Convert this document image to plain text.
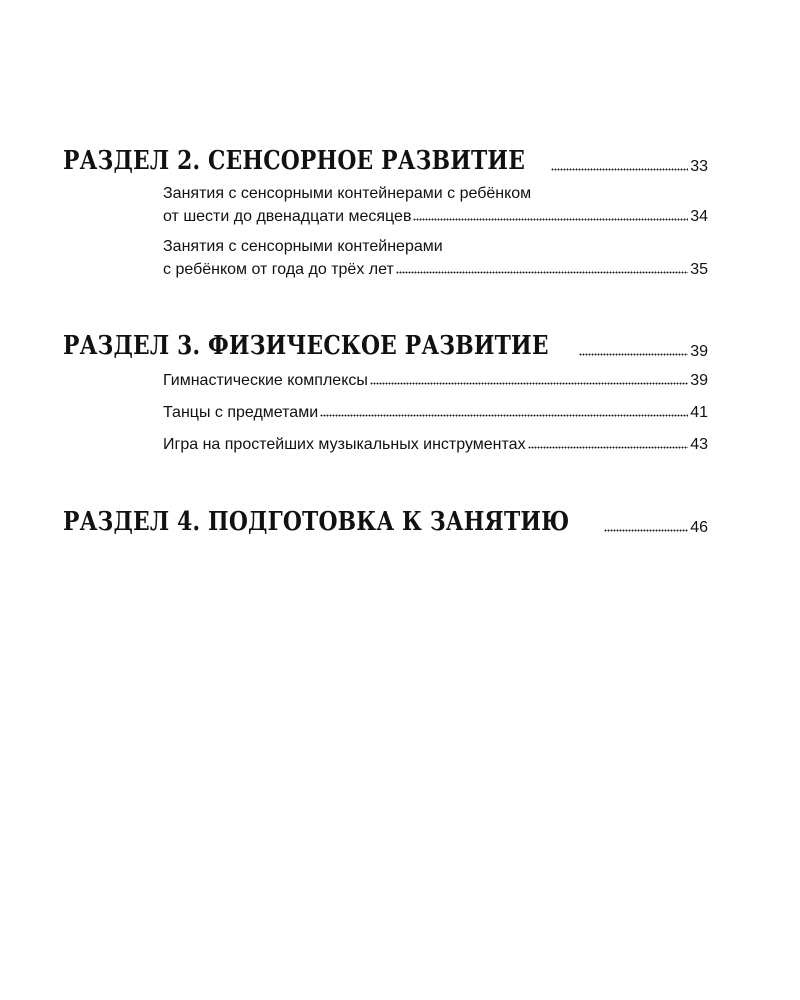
РАЗДЕЛ 2. СЕНСОРНОЕ РАЗВИТИЕ	33
Занятия с сенсорными контейнерами с ребёнком
от шести до двенадцати месяцев	34
Занятия с сенсорными контейнерами
с ребёнком от года до трёх лет	35
РАЗДЕЛ 3. ФИЗИЧЕСКОЕ РАЗВИТИЕ	39
Гимнастические комплексы	39
Танцы с предметами	41
Игра на простейших музыкальных инструментах	43
РАЗДЕЛ 4. ПОДГОТОВКА К ЗАНЯТИЮ	46
